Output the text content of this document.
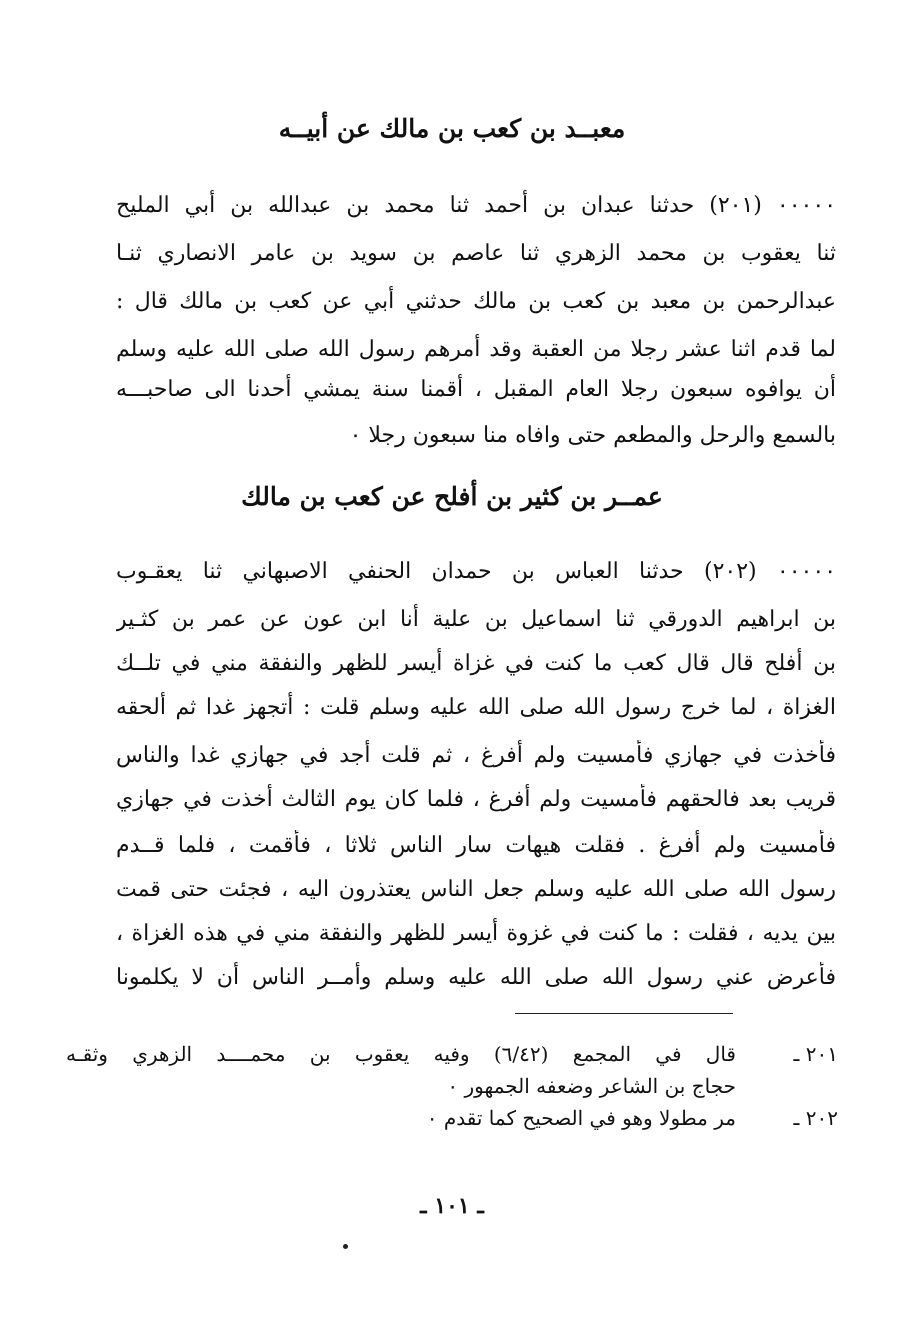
معبــد بن كعب بن مالك عن أبيــه
٠٠٠٠٠ (٢٠١) حدثنا عبدان بن أحمد ثنا محمد بن عبدالله بن أبي المليح
ثنا يعقوب بن محمد الزهري ثنا عاصم بن سويد بن عامر الانصاري ثنـا
عبدالرحمن بن معبد بن كعب بن مالك حدثني أبي عن كعب بن مالك قال :
لما قدم اثنا عشر رجلا من العقبة وقد أمرهم رسول الله صلى الله عليه وسلم
أن يوافوه سبعون رجلا العام المقبل ، أقمنا سنة يمشي أحدنا الى صاحبـــه
بالسمع والرحل والمطعم حتى وافاه منا سبعون رجلا ٠
عمــر بن كثير بن أفلح عن كعب بن مالك
٠٠٠٠٠ (٢٠٢) حدثنا العباس بن حمدان الحنفي الاصبهاني ثنا يعقـوب
بن ابراهيم الدورقي ثنا اسماعيل بن علية أنا ابن عون عن عمر بن كثـير
بن أفلح قال قال كعب ما كنت في غزاة أيسر للظهر والنفقة مني في تلــك
الغزاة ، لما خرج رسول الله صلى الله عليه وسلم قلت : أتجهز غدا ثم ألحقه
فأخذت في جهازي فأمسيت ولم أفرغ ، ثم قلت أجد في جهازي غدا والناس
قريب بعد فالحقهم فأمسيت ولم أفرغ ، فلما كان يوم الثالث أخذت في جهازي
فأمسيت ولم أفرغ . فقلت هيهات سار الناس ثلاثا ، فأقمت ، فلما قــدم
رسول الله صلى الله عليه وسلم جعل الناس يعتذرون اليه ، فجئت حتى قمت
بين يديه ، فقلت : ما كنت في غزوة أيسر للظهر والنفقة مني في هذه الغزاة ،
فأعرض عني رسول الله صلى الله عليه وسلم وأمــر الناس أن لا يكلمونا
٢٠١ ـ
قال في المجمع (٦/٤٢) وفيه يعقوب بن محمــــد الزهري وثقـه
حجاج بن الشاعر وضعفه الجمهور ٠
٢٠٢ ـ
مر مطولا وهو في الصحيح كما تقدم ٠
ـ ١٠١ ـ
